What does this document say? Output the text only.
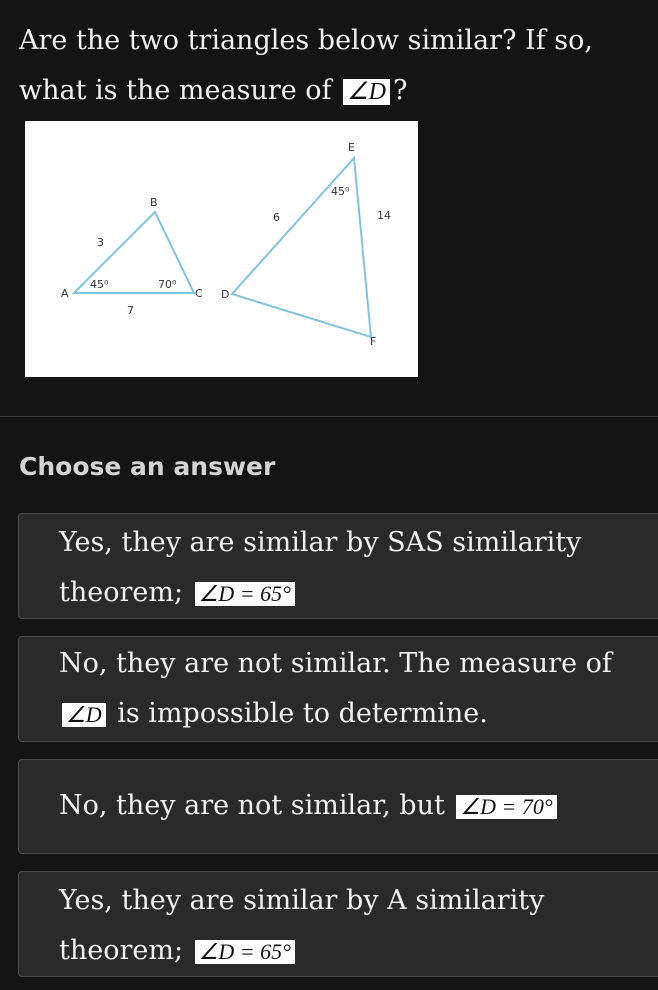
Are the two triangles below similar? If so, what is the measure of ∠D ?
A
B
C
3
7
45⁰	70⁰
D
E
F
6	14
45⁰
Choose an answer
Yes, they are similar by SAS similarity theorem; ∠D = 65°
No, they are not similar. The measure of
∠D is impossible to determine.
No, they are not similar, but ∠D = 70°
Yes, they are similar by A similarity theorem; ∠D = 65°
